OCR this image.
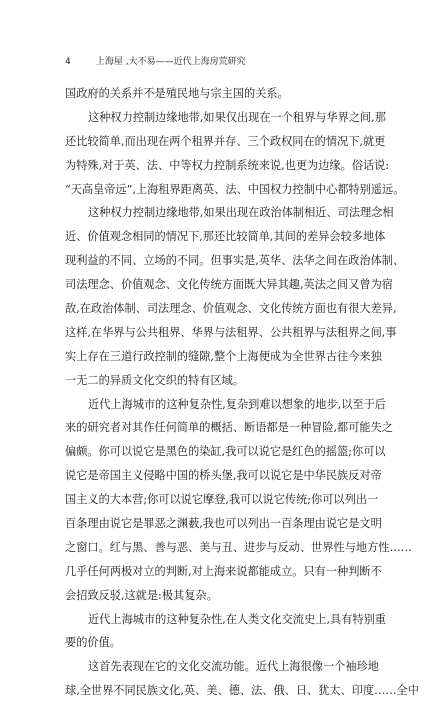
4	上海屋 ,大不易——近代上海房荒研究
国政府的关系并不是殖民地与宗主国的关系。
这种权力控制边缘地带,如果仅出现在一个租界与华界之间,那
还比较简单,而出现在两个租界并存、三个政权同在的情况下,就更
为特殊,对于英、法、中等权力控制系统来说,也更为边缘。俗话说:
“天高皇帝远”,上海租界距离英、法、中国权力控制中心都特别遥远。
这种权力控制边缘地带,如果出现在政治体制相近、司法理念相
近、价值观念相同的情况下,那还比较简单,其间的差异会较多地体
现利益的不同、立场的不同。但事实是,英华、法华之间在政治体制、
司法理念、价值观念、文化传统方面既大异其趣,英法之间又曾为宿
敌,在政治体制、司法理念、价值观念、文化传统方面也有很大差异,
这样,在华界与公共租界、华界与法租界、公共租界与法租界之间,事
实上存在三道行政控制的缝隙,整个上海便成为全世界古往今来独
一无二的异质文化交织的特有区域。
近代上海城市的这种复杂性,复杂到难以想象的地步,以至于后
来的研究者对其作任何简单的概括、断语都是一种冒险,都可能失之
偏颇。你可以说它是黑色的染缸,我可以说它是红色的摇篮;你可以
说它是帝国主义侵略中国的桥头堡,我可以说它是中华民族反对帝
国主义的大本营;你可以说它摩登,我可以说它传统;你可以列出一
百条理由说它是罪恶之渊薮,我也可以列出一百条理由说它是文明
之窗口。红与黑、善与恶、美与丑、进步与反动、世界性与地方性……
几乎任何两极对立的判断,对上海来说都能成立。只有一种判断不
会招致反驳,这就是:极其复杂。
近代上海城市的这种复杂性,在人类文化交流史上,具有特别重
要的价值。
这首先表现在它的文化交流功能。近代上海很像一个袖珍地
球,全世界不同民族文化,英、美、德、法、俄、日、犹太、印度……全中
